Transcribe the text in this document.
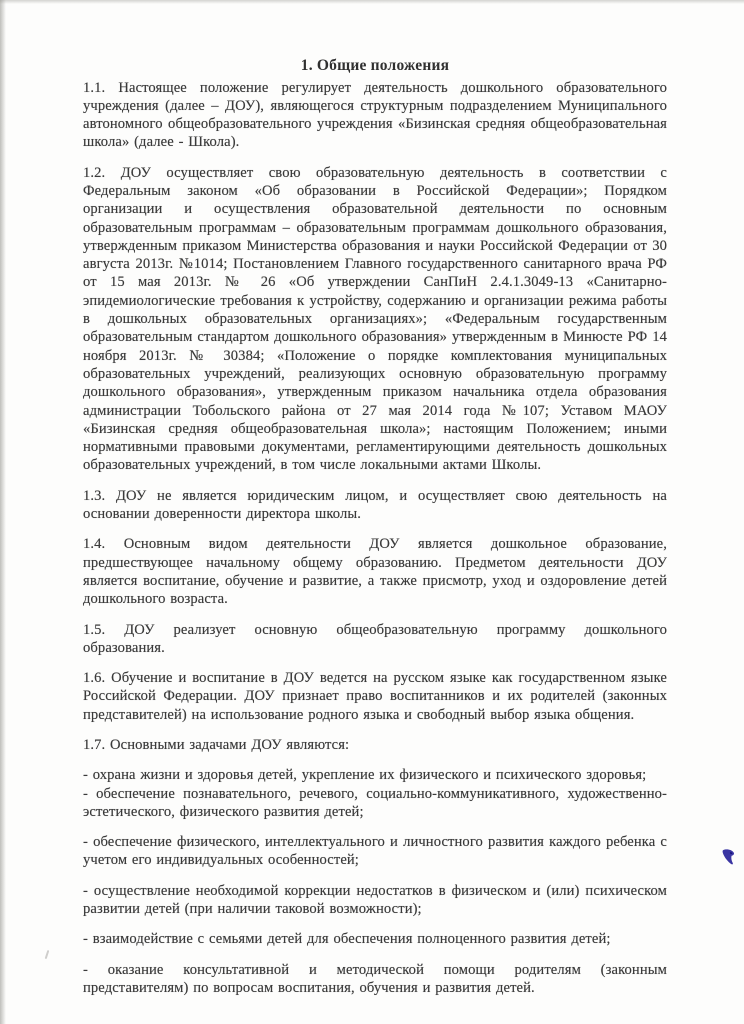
1. Общие положения

1.1. Настоящее положение регулирует деятельность дошкольного образовательного учреждения (далее – ДОУ), являющегося структурным подразделением Муниципального автономного общеобразовательного учреждения «Бизинская средняя общеобразовательная школа» (далее - Школа).

1.2. ДОУ осуществляет свою образовательную деятельность в соответствии с Федеральным законом «Об образовании в Российской Федерации»; Порядком организации и осуществления образовательной деятельности по основным образовательным программам – образовательным программам дошкольного образования, утвержденным приказом Министерства образования и науки Российской Федерации от 30 августа 2013г. №1014; Постановлением Главного государственного санитарного врача РФ от 15 мая 2013г. № 26 «Об утверждении СанПиН 2.4.1.3049-13 «Санитарно-эпидемиологические требования к устройству, содержанию и организации режима работы в дошкольных образовательных организациях»; «Федеральным государственным образовательным стандартом дошкольного образования» утвержденным в Минюсте РФ 14 ноября 2013г. № 30384; «Положение о порядке комплектования муниципальных образовательных учреждений, реализующих основную образовательную программу дошкольного образования», утвержденным приказом начальника отдела образования администрации Тобольского района от 27 мая 2014 года №107; Уставом МАОУ «Бизинская средняя общеобразовательная школа»; настоящим Положением; иными нормативными правовыми документами, регламентирующими деятельность дошкольных образовательных учреждений, в том числе локальными актами Школы.

1.3. ДОУ не является юридическим лицом, и осуществляет свою деятельность на основании доверенности директора школы.

1.4. Основным видом деятельности ДОУ является дошкольное образование, предшествующее начальному общему образованию. Предметом деятельности ДОУ является воспитание, обучение и развитие, а также присмотр, уход и оздоровление детей дошкольного возраста.

1.5. ДОУ реализует основную общеобразовательную программу дошкольного образования.

1.6. Обучение и воспитание в ДОУ ведется на русском языке как государственном языке Российской Федерации. ДОУ признает право воспитанников и их родителей (законных представителей) на использование родного языка и свободный выбор языка общения.

1.7. Основными задачами ДОУ являются:

- охрана жизни и здоровья детей, укрепление их физического и психического здоровья;

- обеспечение познавательного, речевого, социально-коммуникативного, художественно-эстетического, физического развития детей;

- обеспечение физического, интеллектуального и личностного развития каждого ребенка с учетом его индивидуальных особенностей;

- осуществление необходимой коррекции недостатков в физическом и (или) психическом развитии детей (при наличии таковой возможности);

- взаимодействие с семьями детей для обеспечения полноценного развития детей;

- оказание консультативной и методической помощи родителям (законным представителям) по вопросам воспитания, обучения и развития детей.
